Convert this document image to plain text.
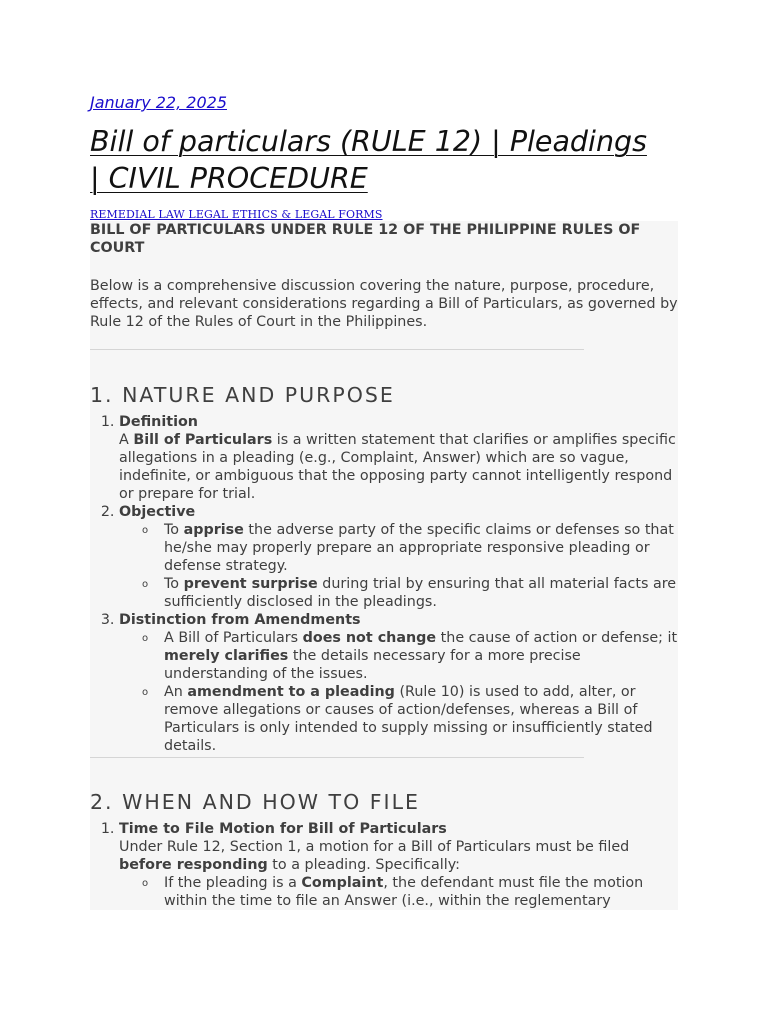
January 22, 2025
Bill of particulars (RULE 12) | Pleadings | CIVIL PROCEDURE
REMEDIAL LAW LEGAL ETHICS & LEGAL FORMS
BILL OF PARTICULARS UNDER RULE 12 OF THE PHILIPPINE RULES OF COURT

Below is a comprehensive discussion covering the nature, purpose, procedure, effects, and relevant considerations regarding a Bill of Particulars, as governed by Rule 12 of the Rules of Court in the Philippines.

1. NATURE AND PURPOSE
1. Definition
A Bill of Particulars is a written statement that clarifies or amplifies specific allegations in a pleading (e.g., Complaint, Answer) which are so vague, indefinite, or ambiguous that the opposing party cannot intelligently respond or prepare for trial.
2. Objective
o To apprise the adverse party of the specific claims or defenses so that he/she may properly prepare an appropriate responsive pleading or defense strategy.
o To prevent surprise during trial by ensuring that all material facts are sufficiently disclosed in the pleadings.
3. Distinction from Amendments
o A Bill of Particulars does not change the cause of action or defense; it merely clarifies the details necessary for a more precise understanding of the issues.
o An amendment to a pleading (Rule 10) is used to add, alter, or remove allegations or causes of action/defenses, whereas a Bill of Particulars is only intended to supply missing or insufficiently stated details.
2. WHEN AND HOW TO FILE
1. Time to File Motion for Bill of Particulars
Under Rule 12, Section 1, a motion for a Bill of Particulars must be filed before responding to a pleading. Specifically:
o If the pleading is a Complaint, the defendant must file the motion within the time to file an Answer (i.e., within the reglementary
